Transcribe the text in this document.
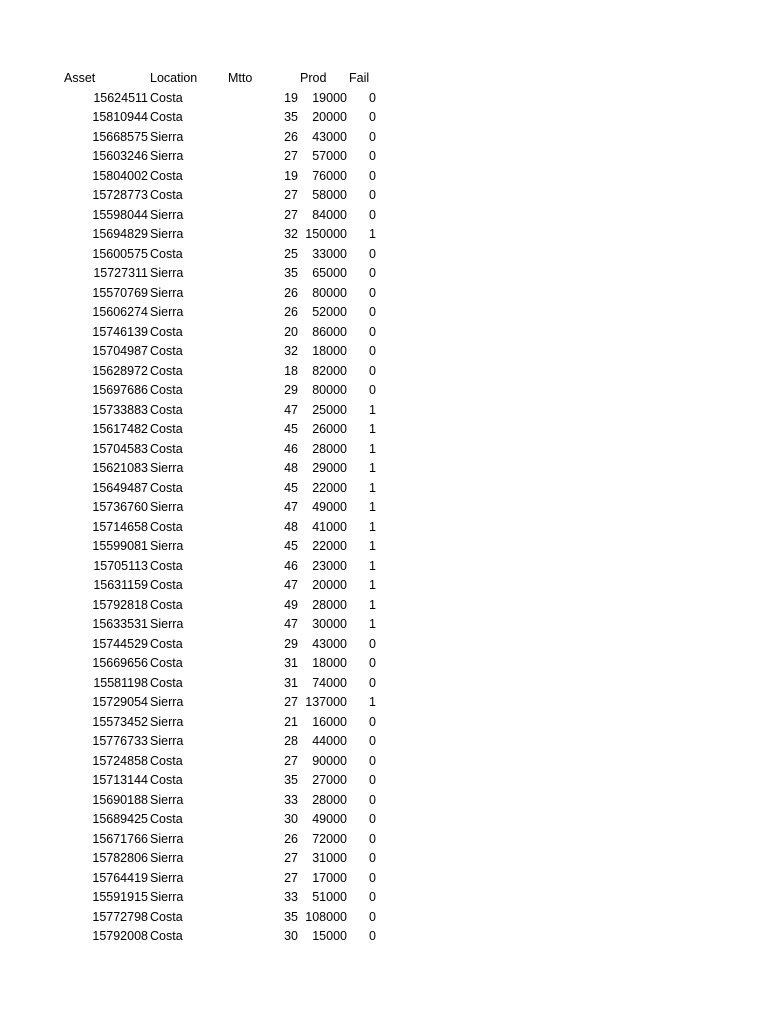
Asset	Location Mtto	Prod Fail
15624511 Costa	19 19000 0
15810944 Costa	35 20000 0
15668575 Sierra	26 43000 0
15603246 Sierra	27 57000 0
15804002 Costa	19 76000 0
15728773 Costa	27 58000 0
15598044 Sierra	27 84000 0
15694829 Sierra	32 150000 1
15600575 Costa	25 33000 0
15727311 Sierra	35 65000 0
15570769 Sierra	26 80000 0
15606274 Sierra	26 52000 0
15746139 Costa	20 86000 0
15704987 Costa	32 18000 0
15628972 Costa	18 82000 0
15697686 Costa	29 80000 0
15733883 Costa	47 25000 1
15617482 Costa	45 26000 1
15704583 Costa	46 28000 1
15621083 Sierra	48 29000 1
15649487 Costa	45 22000 1
15736760 Sierra	47 49000 1
15714658 Costa	48 41000 1
15599081 Sierra	45 22000 1
15705113 Costa	46 23000 1
15631159 Costa	47 20000 1
15792818 Costa	49 28000 1
15633531 Sierra	47 30000 1
15744529 Costa	29 43000 0
15669656 Costa	31 18000 0
15581198 Costa	31 74000 0
15729054 Sierra	27 137000 1
15573452 Sierra	21 16000 0
15776733 Sierra	28 44000 0
15724858 Costa	27 90000 0
15713144 Costa	35 27000 0
15690188 Sierra	33 28000 0
15689425 Costa	30 49000 0
15671766 Sierra	26 72000 0
15782806 Sierra	27 31000 0
15764419 Sierra	27 17000 0
15591915 Sierra	33 51000 0
15772798 Costa	35 108000 0
15792008 Costa	30 15000 0
